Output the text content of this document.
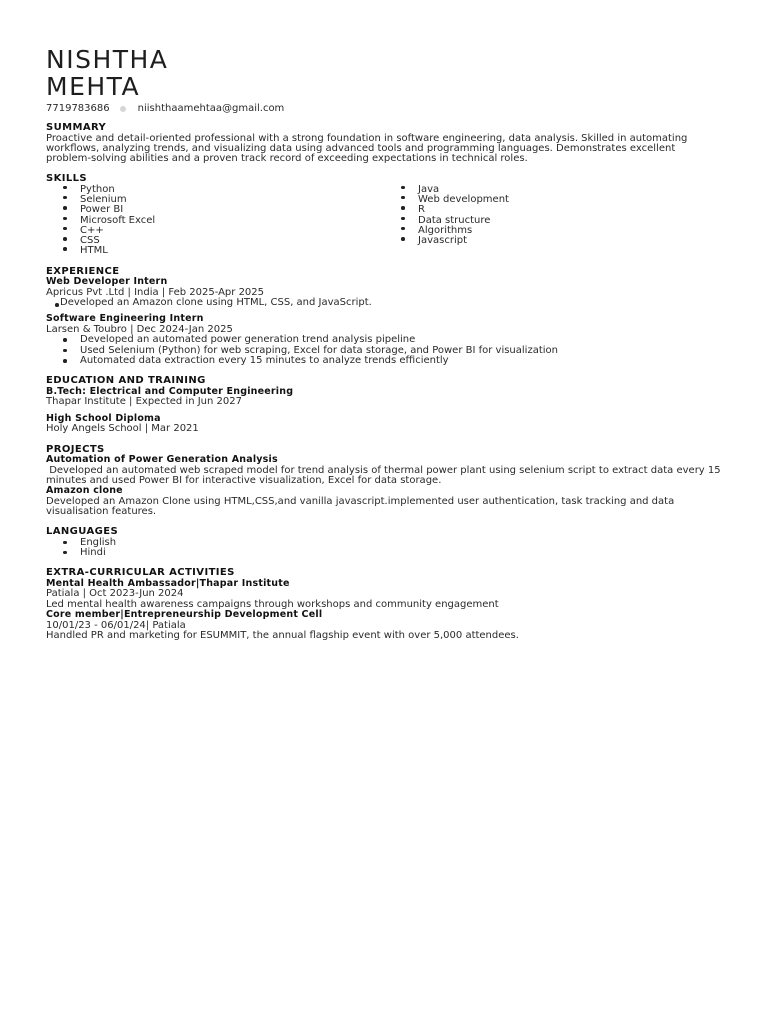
NISHTHA
MEHTA
7719783686	niishthaamehtaa@gmail.com
SUMMARY

Proactive and detail-oriented professional with a strong foundation in software engineering, data analysis. Skilled in automating workflows, analyzing trends, and visualizing data using advanced tools and programming languages. Demonstrates excellent problem-solving abilities and a proven track record of exceeding expectations in technical roles.

SKILLS
Python
Selenium
Power BI
Microsoft Excel
C++
CSS
HTML
Java
Web development
R
Data structure
Algorithms
Javascript
EXPERIENCE
Web Developer Intern
Apricus Pvt .Ltd | India | Feb 2025-Apr 2025
Developed an Amazon clone using HTML, CSS, and JavaScript.
Software Engineering Intern
Larsen & Toubro | Dec 2024-Jan 2025
Developed an automated power generation trend analysis pipeline
Used Selenium (Python) for web scraping, Excel for data storage, and Power BI for visualization
Automated data extraction every 15 minutes to analyze trends efficiently
EDUCATION AND TRAINING
B.Tech: Electrical and Computer Engineering
Thapar Institute | Expected in Jun 2027
High School Diploma
Holy Angels School | Mar 2021
PROJECTS
Automation of Power Generation Analysis

Developed an automated web scraped model for trend analysis of thermal power plant using selenium script to extract data every 15 minutes and used Power BI for interactive visualization, Excel for data storage.

Amazon clone

Developed an Amazon Clone using HTML,CSS,and vanilla javascript.implemented user authentication, task tracking and data visualisation features.

LANGUAGES
English
Hindi
EXTRA-CURRICULAR ACTIVITIES
Mental Health Ambassador|Thapar Institute
Patiala | Oct 2023-Jun 2024
Led mental health awareness campaigns through workshops and community engagement
Core member|Entrepreneurship Development Cell
10/01/23 - 06/01/24| Patiala
Handled PR and marketing for ESUMMIT, the annual flagship event with over 5,000 attendees.
